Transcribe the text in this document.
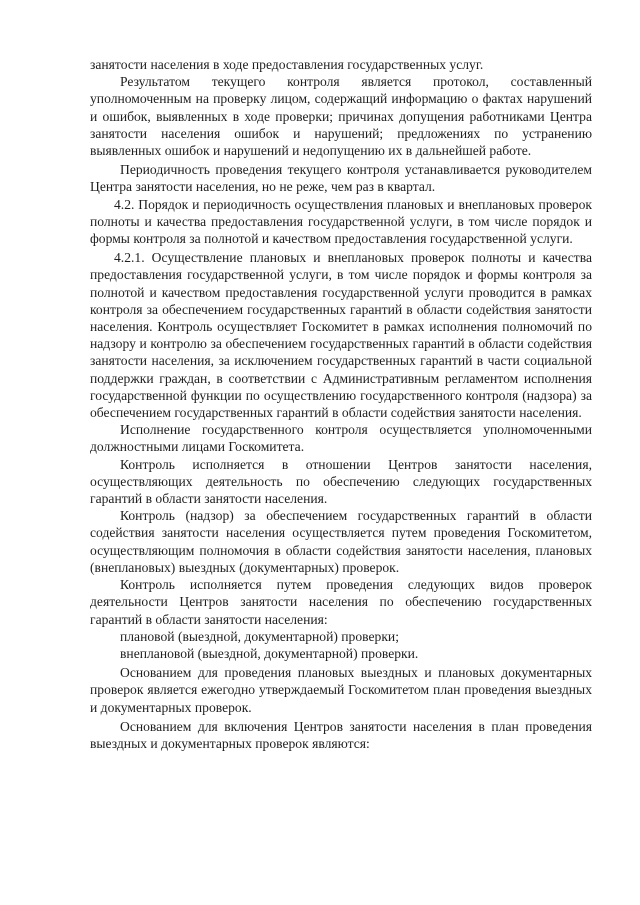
занятости населения в ходе предоставления государственных услуг.

Результатом текущего контроля является протокол, составленный уполномоченным на проверку лицом, содержащий информацию о фактах нарушений и ошибок, выявленных в ходе проверки; причинах допущения работниками Центра занятости населения ошибок и нарушений; предложениях по устранению выявленных ошибок и нарушений и недопущению их в дальнейшей работе.

Периодичность проведения текущего контроля устанавливается руководителем Центра занятости населения, но не реже, чем раз в квартал.

4.2. Порядок и периодичность осуществления плановых и внеплановых проверок полноты и качества предоставления государственной услуги, в том числе порядок и формы контроля за полнотой и качеством предоставления государственной услуги.

4.2.1. Осуществление плановых и внеплановых проверок полноты и качества предоставления государственной услуги, в том числе порядок и формы контроля за полнотой и качеством предоставления государственной услуги проводится в рамках контроля за обеспечением государственных гарантий в области содействия занятости населения. Контроль осуществляет Госкомитет в рамках исполнения полномочий по надзору и контролю за обеспечением государственных гарантий в области содействия занятости населения, за исключением государственных гарантий в части социальной поддержки граждан, в соответствии с Административным регламентом исполнения государственной функции по осуществлению государственного контроля (надзора) за обеспечением государственных гарантий в области содействия занятости населения.

Исполнение государственного контроля осуществляется уполномоченными должностными лицами Госкомитета.

Контроль исполняется в отношении Центров занятости населения, осуществляющих деятельность по обеспечению следующих государственных гарантий в области занятости населения.

Контроль (надзор) за обеспечением государственных гарантий в области содействия занятости населения осуществляется путем проведения Госкомитетом, осуществляющим полномочия в области содействия занятости населения, плановых (внеплановых) выездных (документарных) проверок.

Контроль исполняется путем проведения следующих видов проверок деятельности Центров занятости населения по обеспечению государственных гарантий в области занятости населения:

плановой (выездной, документарной) проверки;

внеплановой (выездной, документарной) проверки.

Основанием для проведения плановых выездных и плановых документарных проверок является ежегодно утверждаемый Госкомитетом план проведения выездных и документарных проверок.

Основанием для включения Центров занятости населения в план проведения выездных и документарных проверок являются:
